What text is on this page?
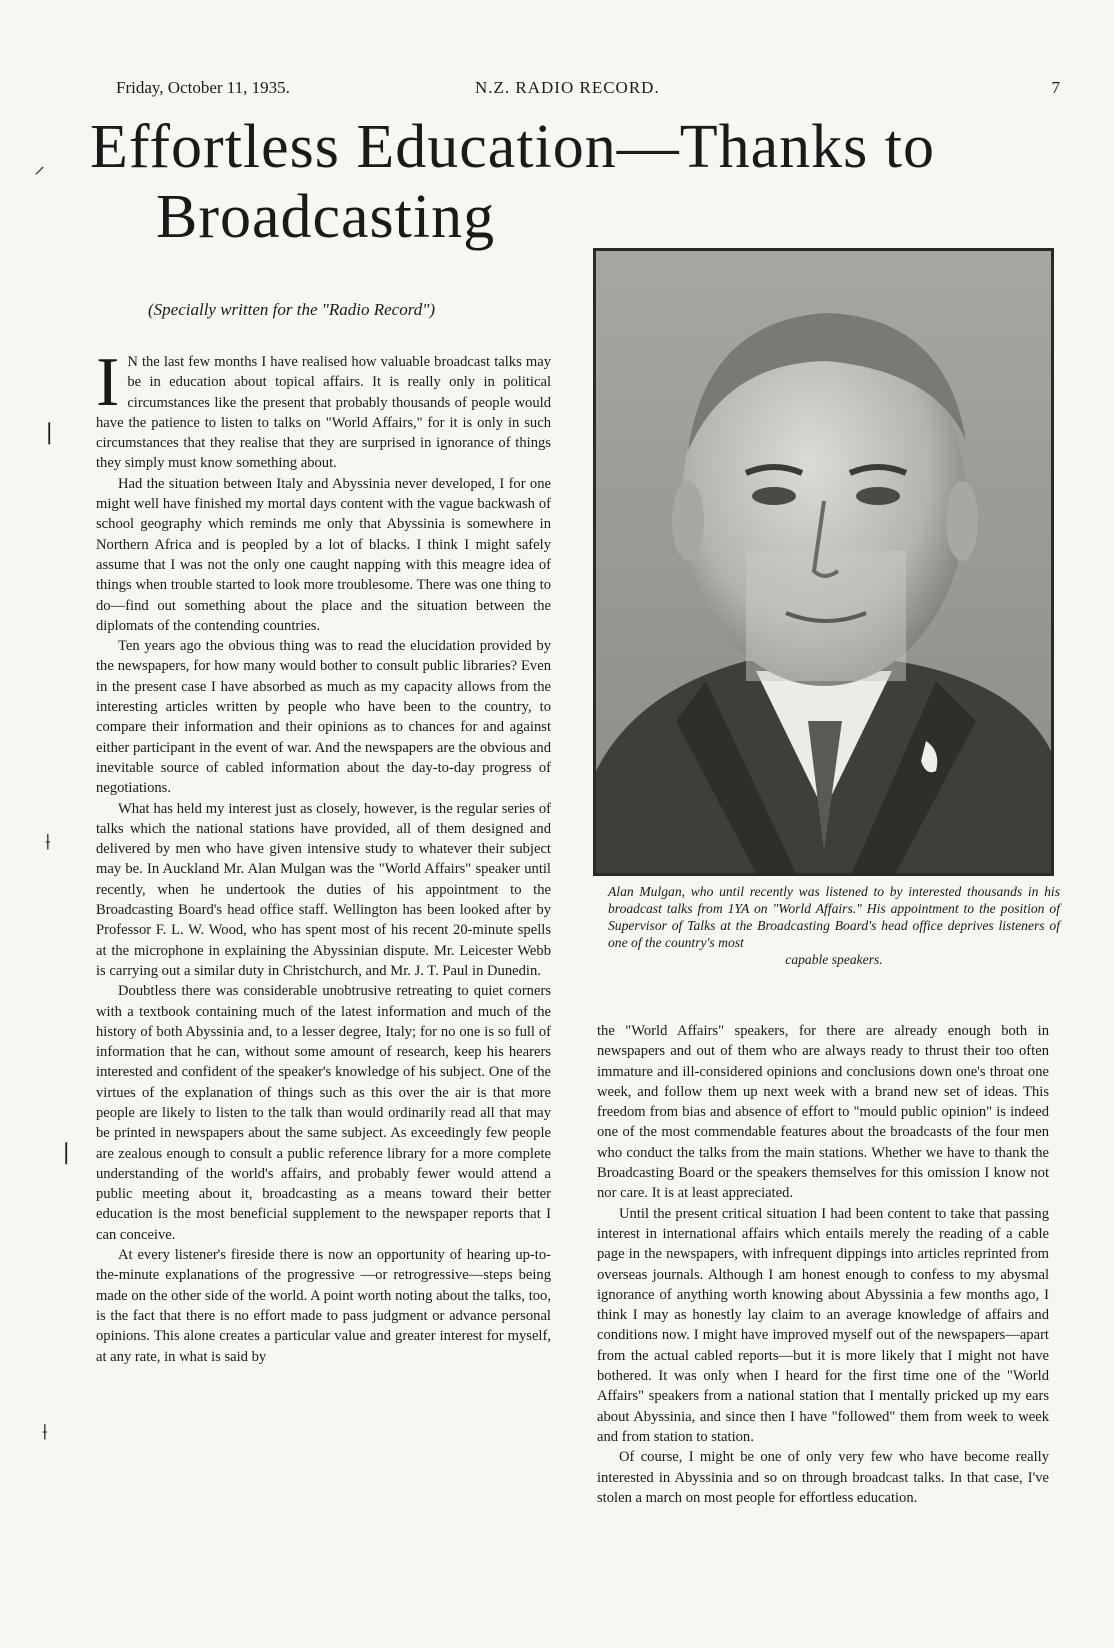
Friday, October 11, 1935.	N.Z. RADIO RECORD.	7
Effortless Education—Thanks to
Broadcasting
(Specially written for the "Radio Record")
I N the last few months I have realised how valuable broadcast talks may be in education about topical affairs. It is really only in political circumstances like the present that probably thousands of people would have the patience to listen to talks on "World Affairs," for it is only in such circumstances that they realise that they are surprised in ignorance of things they simply must know something about.

Had the situation between Italy and Abyssinia never developed, I for one might well have finished my mortal days content with the vague backwash of school geography which reminds me only that Abyssinia is somewhere in Northern Africa and is peopled by a lot of blacks. I think I might safely assume that I was not the only one caught napping with this meagre idea of things when trouble started to look more troublesome. There was one thing to do—find out something about the place and the situation between the diplomats of the contending countries.

Ten years ago the obvious thing was to read the elucidation provided by the newspapers, for how many would bother to consult public libraries? Even in the present case I have absorbed as much as my capacity allows from the interesting articles written by people who have been to the country, to compare their information and their opinions as to chances for and against either participant in the event of war. And the newspapers are the obvious and inevitable source of cabled information about the day-to-day progress of negotiations.

What has held my interest just as closely, however, is the regular series of talks which the national stations have provided, all of them designed and delivered by men who have given intensive study to whatever their subject may be. In Auckland Mr. Alan Mulgan was the "World Affairs" speaker until recently, when he undertook the duties of his appointment to the Broadcasting Board's head office staff. Wellington has been looked after by Professor F. L. W. Wood, who has spent most of his recent 20-minute spells at the microphone in explaining the Abyssinian dispute. Mr. Leicester Webb is carrying out a similar duty in Christchurch, and Mr. J. T. Paul in Dunedin.

Doubtless there was considerable unobtrusive retreating to quiet corners with a textbook containing much of the latest information and much of the history of both Abyssinia and, to a lesser degree, Italy; for no one is so full of information that he can, without some amount of research, keep his hearers interested and confident of the speaker's knowledge of his subject. One of the virtues of the explanation of things such as this over the air is that more people are likely to listen to the talk than would ordinarily read all that may be printed in newspapers about the same subject. As exceedingly few people are zealous enough to consult a public reference library for a more complete understanding of the world's affairs, and probably fewer would attend a public meeting about it, broadcasting as a means toward their better education is the most beneficial supplement to the newspaper reports that I can conceive.

At every listener's fireside there is now an opportunity of hearing up-to-the-minute explanations of the progressive —or retrogressive—steps being made on the other side of the world. A point worth noting about the talks, too, is the fact that there is no effort made to pass judgment or advance personal opinions. This alone creates a particular value and greater interest for myself, at any rate, in what is said by

Alan Mulgan, who until recently was listened to by interested thousands in his broadcast talks from 1YA on "World Affairs." His appointment to the position of Supervisor of Talks at the Broadcasting Board's head office deprives listeners of one of the country's most
capable speakers.

the "World Affairs" speakers, for there are already enough both in newspapers and out of them who are always ready to thrust their too often immature and ill-considered opinions and conclusions down one's throat one week, and follow them up next week with a brand new set of ideas. This freedom from bias and absence of effort to "mould public opinion" is indeed one of the most commendable features about the broadcasts of the four men who conduct the talks from the main stations. Whether we have to thank the Broadcasting Board or the speakers themselves for this omission I know not nor care. It is at least appreciated.

Until the present critical situation I had been content to take that passing interest in international affairs which entails merely the reading of a cable page in the newspapers, with infrequent dippings into articles reprinted from overseas journals. Although I am honest enough to confess to my abysmal ignorance of anything worth knowing about Abyssinia a few months ago, I think I may as honestly lay claim to an average knowledge of affairs and conditions now. I might have improved myself out of the newspapers—apart from the actual cabled reports—but it is more likely that I might not have bothered. It was only when I heard for the first time one of the "World Affairs" speakers from a national station that I mentally pricked up my ears about Abyssinia, and since then I have "followed" them from week to week and from station to station.

Of course, I might be one of only very few who have become really interested in Abyssinia and so on through broadcast talks. In that case, I've stolen a march on most people for effortless education.

⸝
❘
⟊
❘
⟊
